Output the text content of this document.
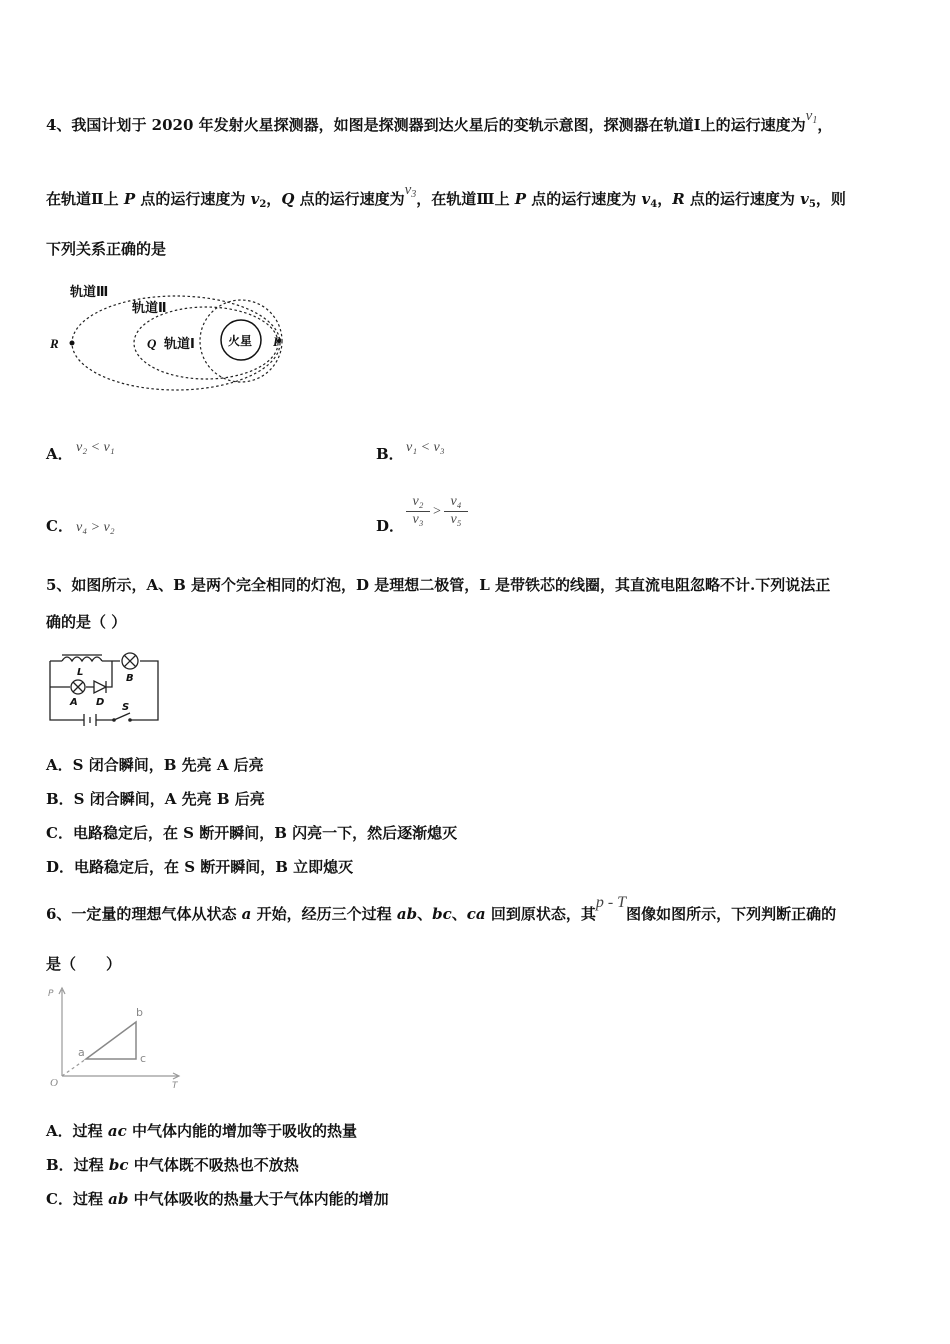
4、我国计划于 2020 年发射火星探测器，如图是探测器到达火星后的变轨示意图，探测器在轨道Ⅰ上的运行速度为$v_1$，
在轨道Ⅱ上 P 点的运行速度为 $v_2$，Q 点的运行速度为$v_3$，在轨道Ⅲ上 P 点的运行速度为 $v_4$，R 点的运行速度为 $v_5$，则
下列关系正确的是
轨道Ⅲ
轨道Ⅱ
轨道Ⅰ	火星
R	Q	P
A． v₂ < v₁	B． v₁ < v₃
C． v₄ > v₂	D． $\frac{\text{v₂}}{\text{v₃}} > \frac{\text{v₄}}{\text{v₅}}$
5、如图所示，A、B 是两个完全相同的灯泡，D 是理想二极管，L 是带铁芯的线圈，其直流电阻忽略不计.下列说法正
确的是（ ）
L
B
A D S
A．S 闭合瞬间，B 先亮 A 后亮
B．S 闭合瞬间，A 先亮 B 后亮
C．电路稳定后，在 S 断开瞬间，B 闪亮一下，然后逐渐熄灭
D．电路稳定后，在 S 断开瞬间，B 立即熄灭
6、一定量的理想气体从状态 a 开始，经历三个过程 ab、bc、ca 回到原状态，其p - T图像如图所示，下列判断正确的
是（　　）
P
T
O
a
b
c
A．过程 ac 中气体内能的增加等于吸收的热量
B．过程 bc 中气体既不吸热也不放热
C．过程 ab 中气体吸收的热量大于气体内能的增加
